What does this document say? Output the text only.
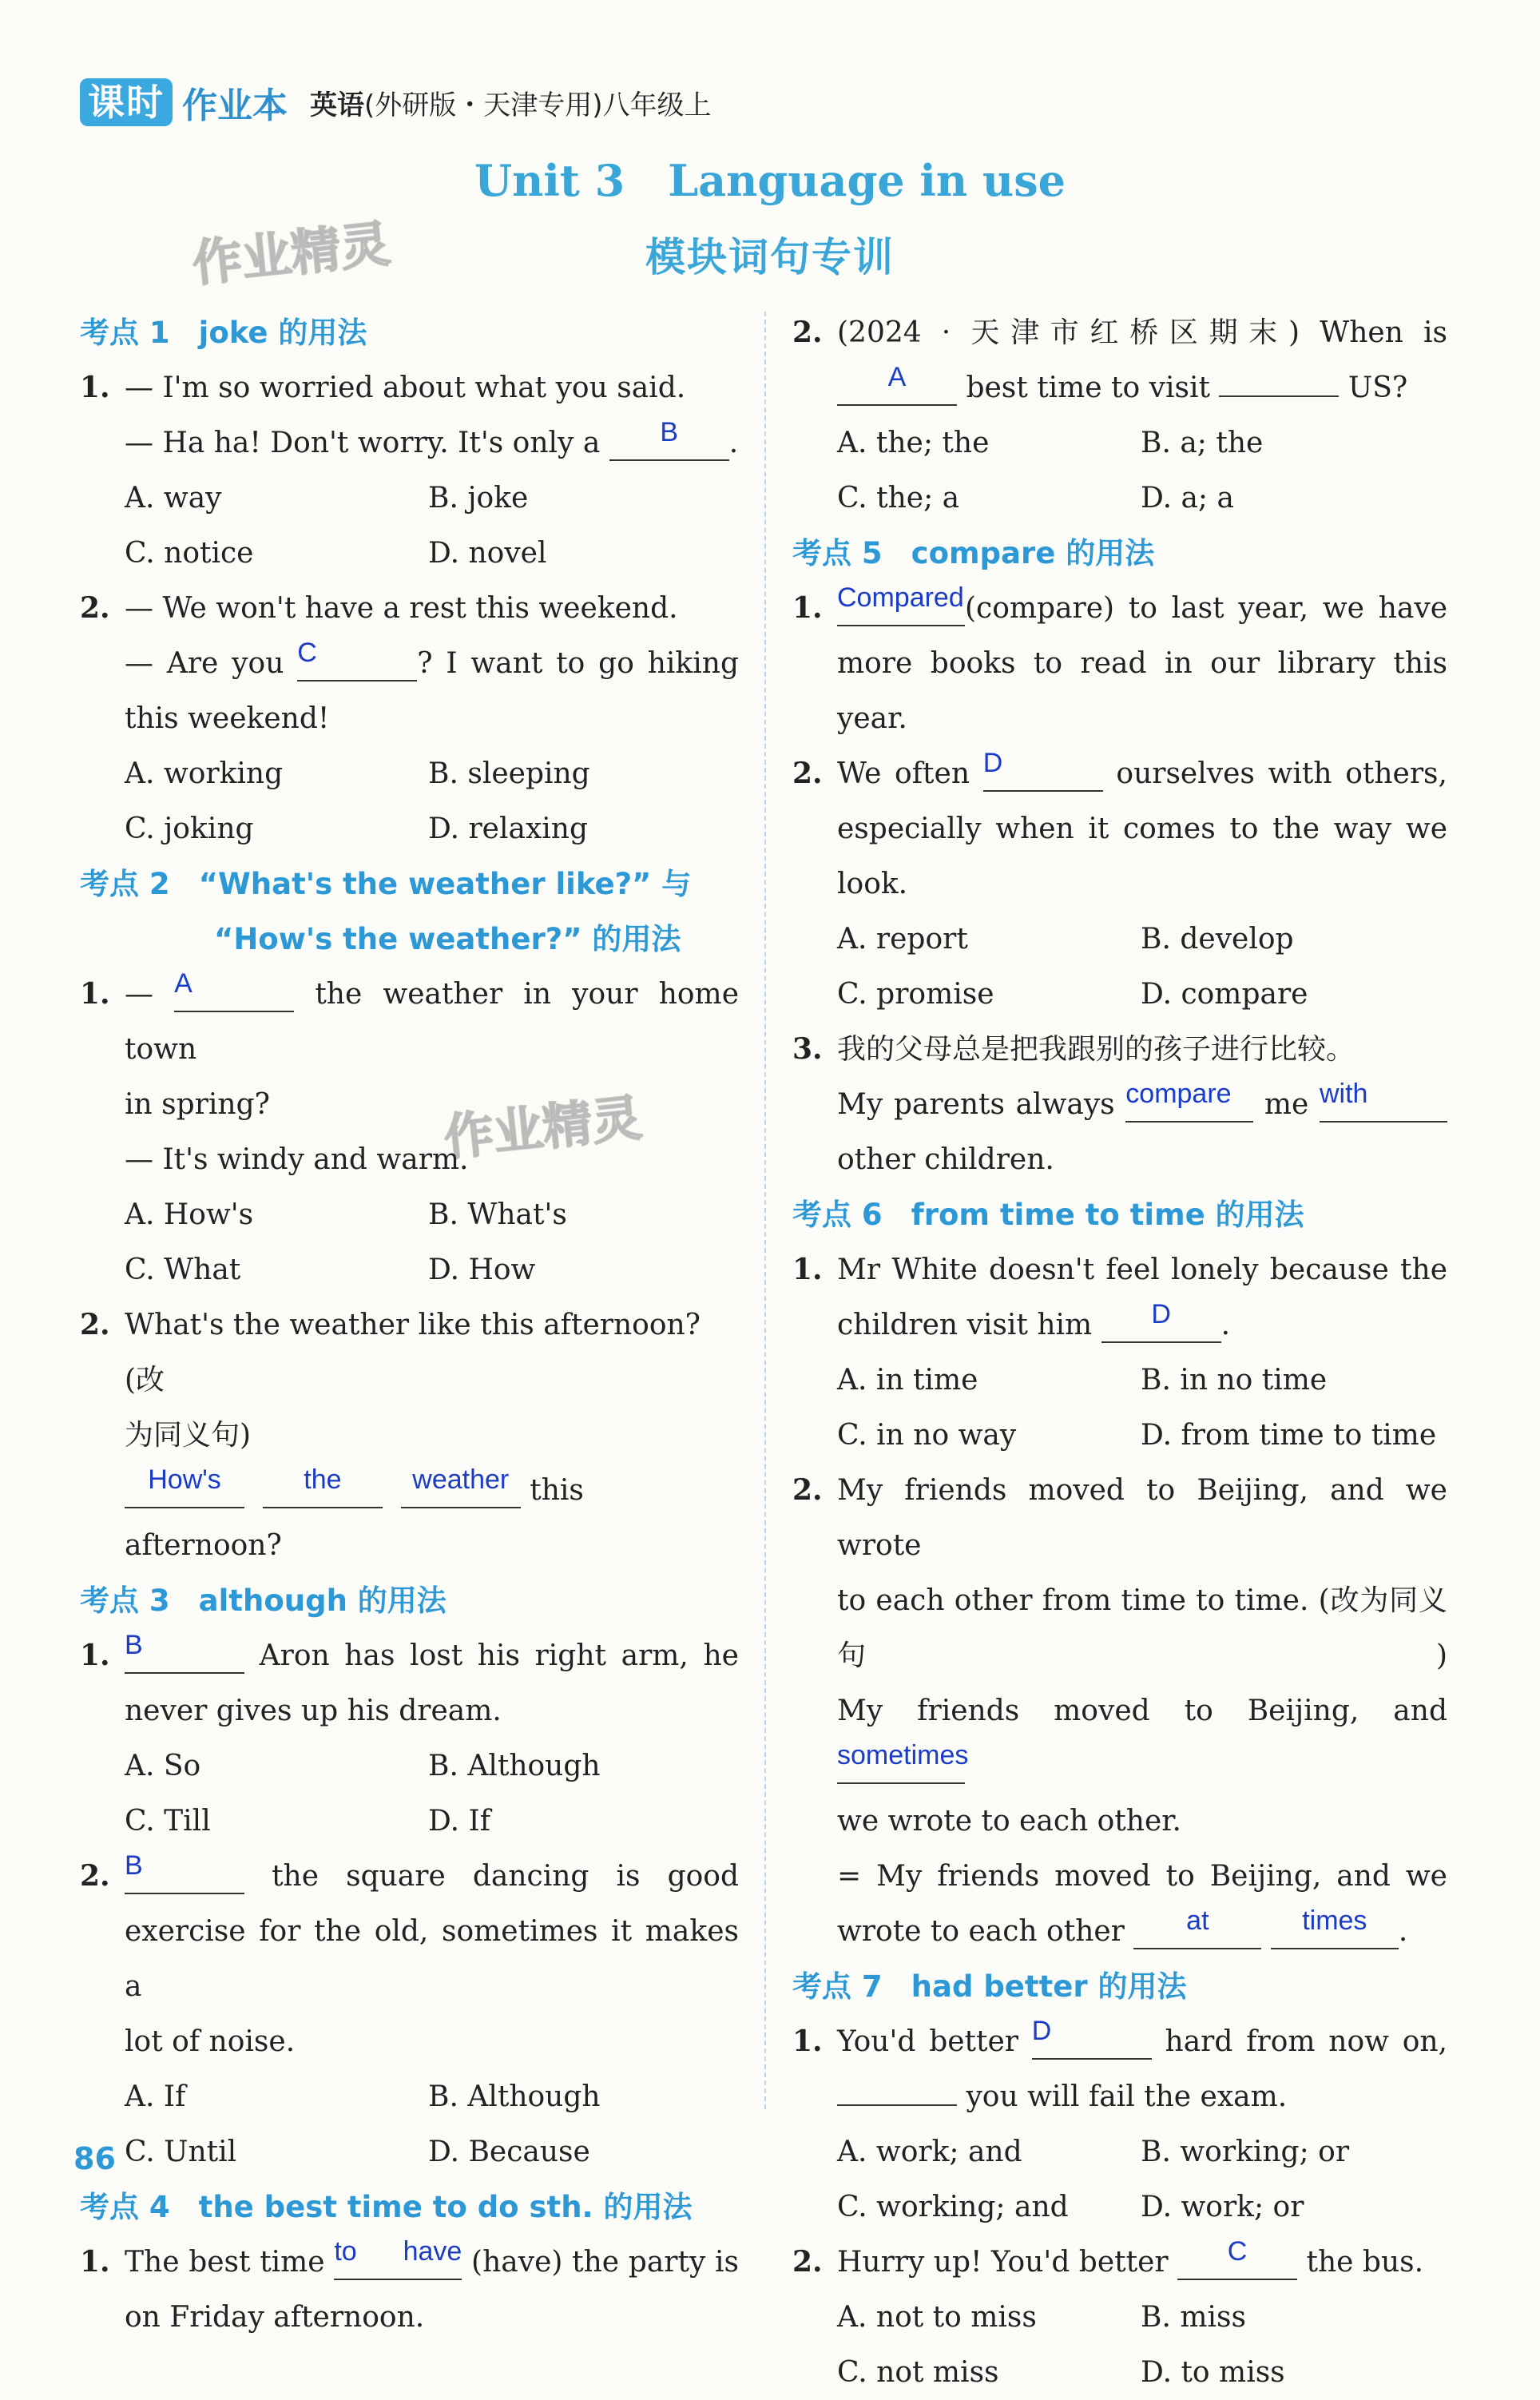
课时 作业本 英语(外研版・天津专用)八年级上
Unit 3　Language in use
模块词句专训
作业精灵
作业精灵
考点 1 joke 的用法
1. — I'm so worried about what you said.
— Ha ha! Don't worry. It's only a B .
A. way	B. joke
C. notice	D. novel
2. — We won't have a rest this weekend.
— Are you C	? I want to go hiking
this weekend!
A. working	B. sleeping
C. joking	D. relaxing
考点 2 “What's the weather like?” 与
“How's the weather?” 的用法
1. — A	the weather in your home town
in spring?
— It's windy and warm.
A. How's	B. What's
C. What	D. How
2. What's the weather like this afternoon? (改
为同义句)
How's	the	weather this afternoon?
考点 3 although 的用法
1. B	Aron has lost his right arm, he
never gives up his dream.
A. So	B. Although
C. Till	D. If
2. B	the square dancing is good
exercise for the old, sometimes it makes a
lot of noise.
A. If	B. Although
C. Until	D. Because
考点 4 the best time to do sth. 的用法
1. The best time to have (have) the party is
on Friday afternoon.
2. (2024 · 天津市红桥区期末) When is
A best time to visit	US?
A. the; the	B. a; the
C. the; a	D. a; a
考点 5 compare 的用法
1. Compared(compare) to last year, we have
more books to read in our library this year.
2. We often D	ourselves with others,
especially when it comes to the way we
look.
A. report	B. develop
C. promise	D. compare
3. 我的父母总是把我跟别的孩子进行比较。
My parents always compare me with
other children.
考点 6 from time to time 的用法
1. Mr White doesn't feel lonely because the
children visit him D .
A. in time	B. in no time
C. in no way	D. from time to time
2. My friends moved to Beijing, and we wrote
to each other from time to time. (改为同义句)
My friends moved to Beijing, and sometimes
we wrote to each other.
= My friends moved to Beijing, and we
wrote to each other at	times .
考点 7 had better 的用法
1. You'd better D	hard from now on,
you will fail the exam.
A. work; and	B. working; or
C. working; and	D. work; or
2. Hurry up! You'd better C the bus.
A. not to miss	B. miss
C. not miss	D. to miss
86
